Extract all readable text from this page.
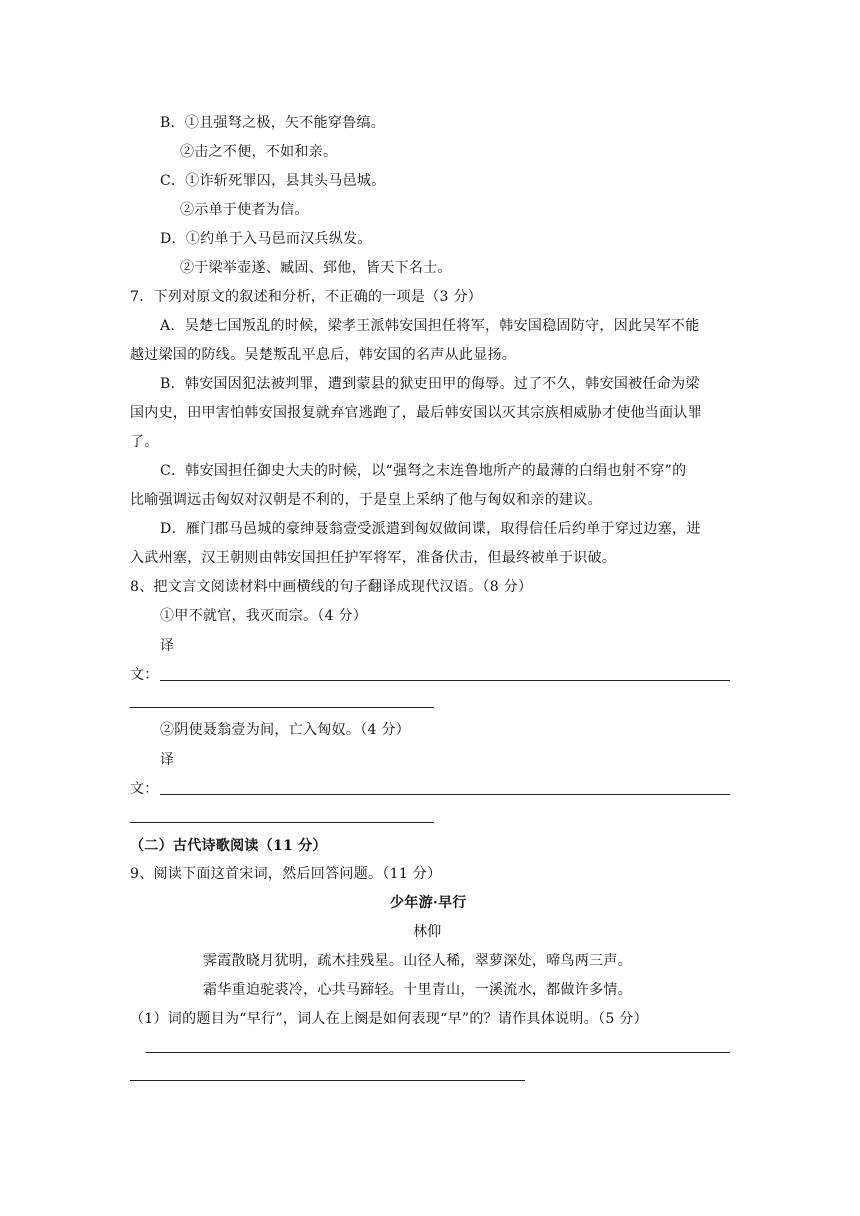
B．①且强弩之极，矢不能穿鲁缟。
②击之不便，不如和亲。
C．①诈斩死罪囚，县其头马邑城。
②示单于使者为信。
D．①约单于入马邑而汉兵纵发。
②于梁举壶遂、臧固、郅他，皆天下名士。
7．下列对原文的叙述和分析，不正确的一项是（3 分）
A．吴楚七国叛乱的时候，梁孝王派韩安国担任将军，韩安国稳固防守，因此吴军不能
越过梁国的防线。吴楚叛乱平息后，韩安国的名声从此显扬。
B．韩安国因犯法被判罪，遭到蒙县的狱吏田甲的侮辱。过了不久，韩安国被任命为梁
国内史，田甲害怕韩安国报复就弃官逃跑了，最后韩安国以灭其宗族相威胁才使他当面认罪
了。
C．韩安国担任御史大夫的时候，以“强弩之末连鲁地所产的最薄的白绢也射不穿”的
比喻强调远击匈奴对汉朝是不利的，于是皇上采纳了他与匈奴和亲的建议。
D．雁门郡马邑城的豪绅聂翁壹受派遣到匈奴做间谍，取得信任后约单于穿过边塞，进
入武州塞，汉王朝则由韩安国担任护军将军，准备伏击，但最终被单于识破。
8、把文言文阅读材料中画横线的句子翻译成现代汉语。（8 分）
①甲不就官，我灭而宗。（4 分）
译
文：
②阴使聂翁壹为间，亡入匈奴。（4 分）
译
文：
（二）古代诗歌阅读（11 分）
9、阅读下面这首宋词，然后回答问题。（11 分）
少年游·早行
林仰
霁霞散晓月犹明，疏木挂残星。山径人稀，翠萝深处，啼鸟两三声。
霜华重迫驼裘冷，心共马蹄轻。十里青山，一溪流水，都做许多情。
（1）词的题目为“早行”，词人在上阕是如何表现“早”的？请作具体说明。（5 分）
